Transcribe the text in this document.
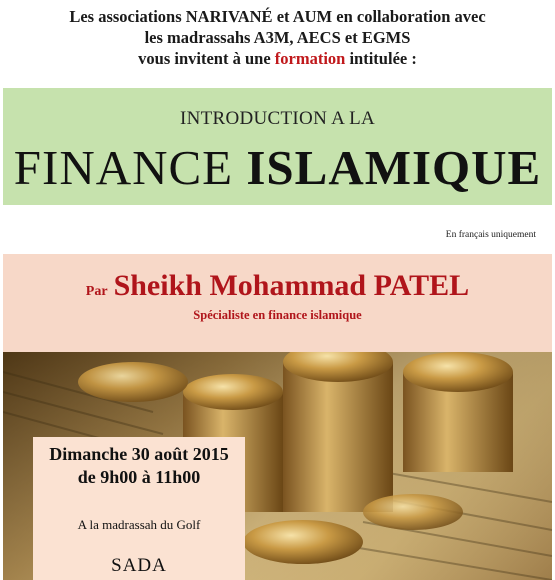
Les associations NARIVANÉ et AUM en collaboration avec
les madrassahs A3M, AECS et EGMS
vous invitent à une formation intitulée :
INTRODUCTION A LA
FINANCE ISLAMIQUE
En français uniquement
Par Sheikh Mohammad PATEL
Spécialiste en finance islamique
Dimanche 30 août 2015
de 9h00 à 11h00
A la madrassah du Golf
SADA
